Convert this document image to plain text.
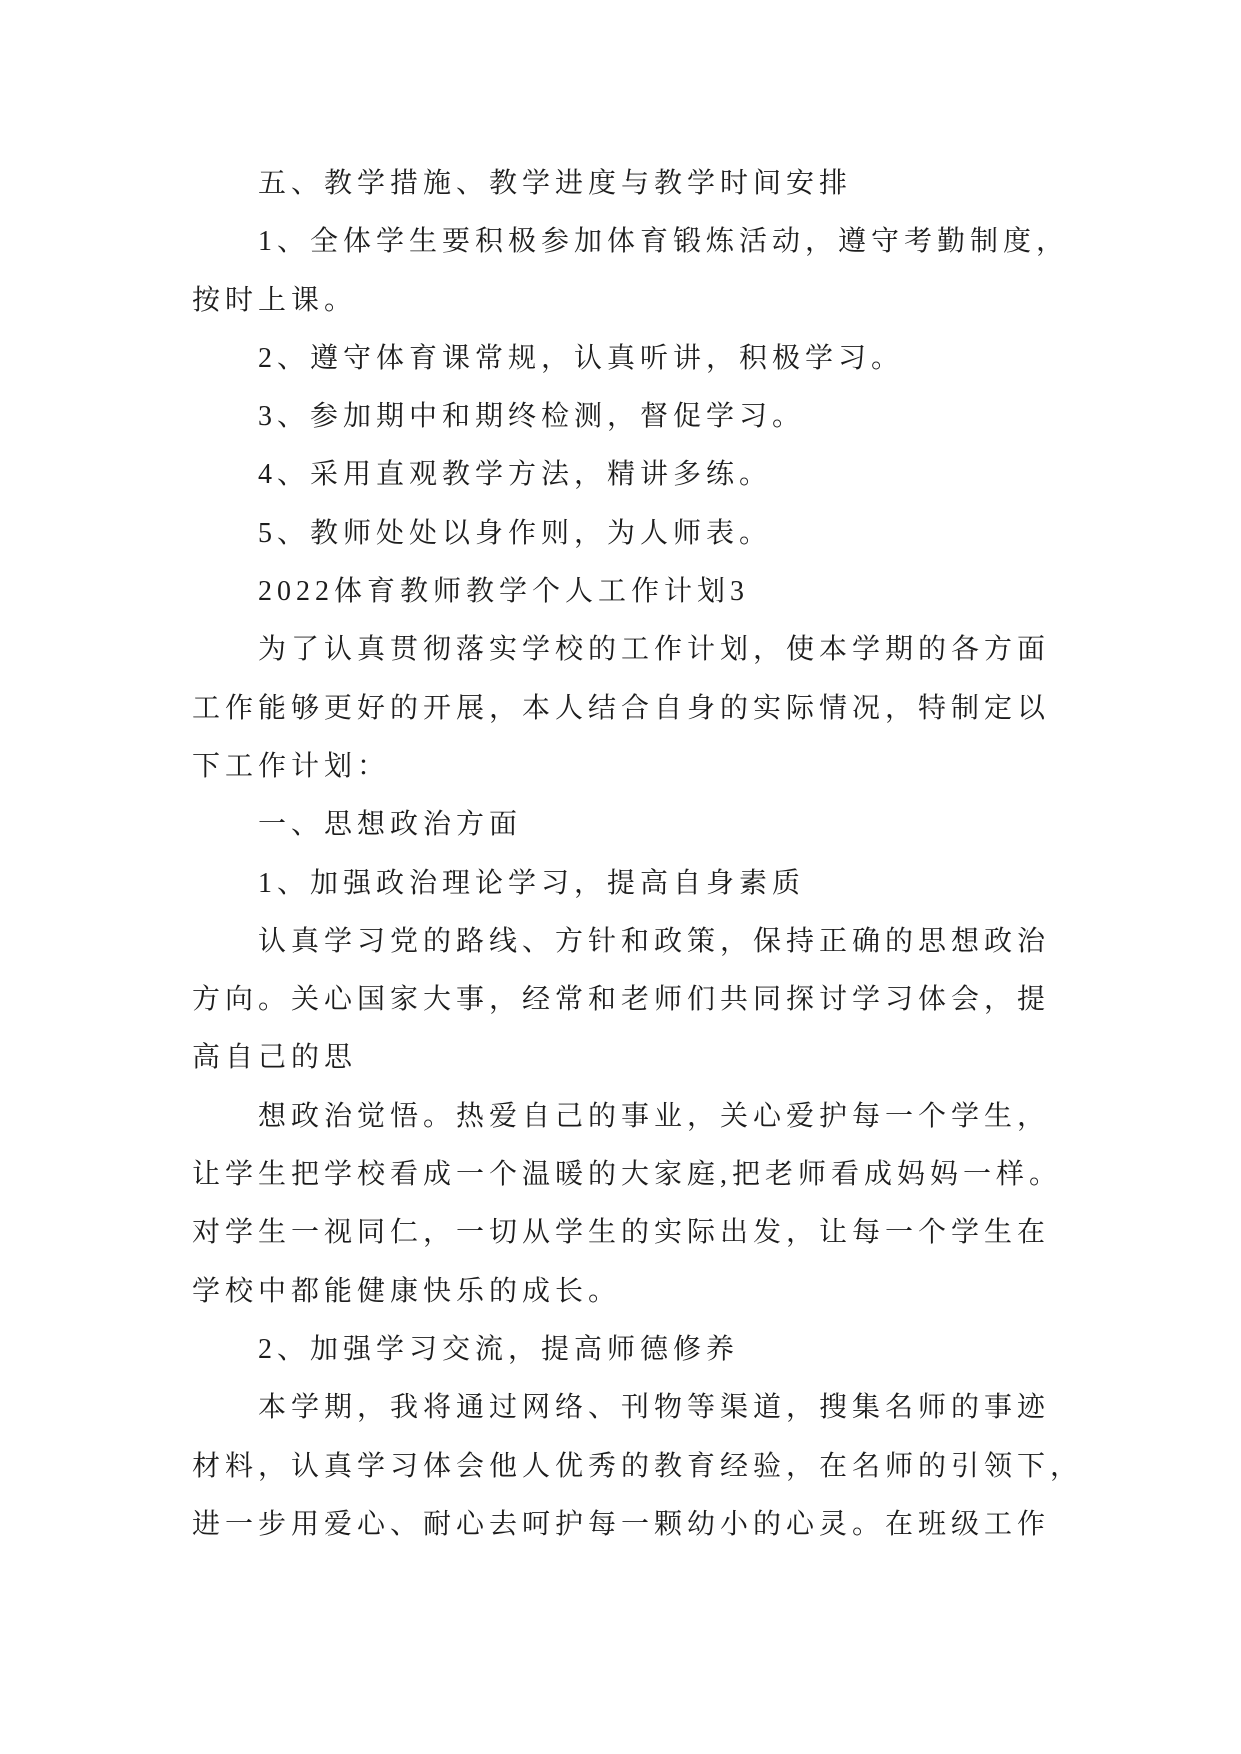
五、教学措施、教学进度与教学时间安排
1、全体学生要积极参加体育锻炼活动，遵守考勤制度，
按时上课。
2、遵守体育课常规，认真听讲，积极学习。
3、参加期中和期终检测，督促学习。
4、采用直观教学方法，精讲多练。
5、教师处处以身作则，为人师表。
2022体育教师教学个人工作计划3
为了认真贯彻落实学校的工作计划，使本学期的各方面
工作能够更好的开展，本人结合自身的实际情况，特制定以
下工作计划：
一、思想政治方面
1、加强政治理论学习，提高自身素质
认真学习党的路线、方针和政策，保持正确的思想政治
方向。关心国家大事，经常和老师们共同探讨学习体会，提
高自己的思
想政治觉悟。热爱自己的事业，关心爱护每一个学生，
让学生把学校看成一个温暖的大家庭,把老师看成妈妈一样。
对学生一视同仁，一切从学生的实际出发，让每一个学生在
学校中都能健康快乐的成长。
2、加强学习交流，提高师德修养
本学期，我将通过网络、刊物等渠道，搜集名师的事迹
材料，认真学习体会他人优秀的教育经验，在名师的引领下，
进一步用爱心、耐心去呵护每一颗幼小的心灵。在班级工作
